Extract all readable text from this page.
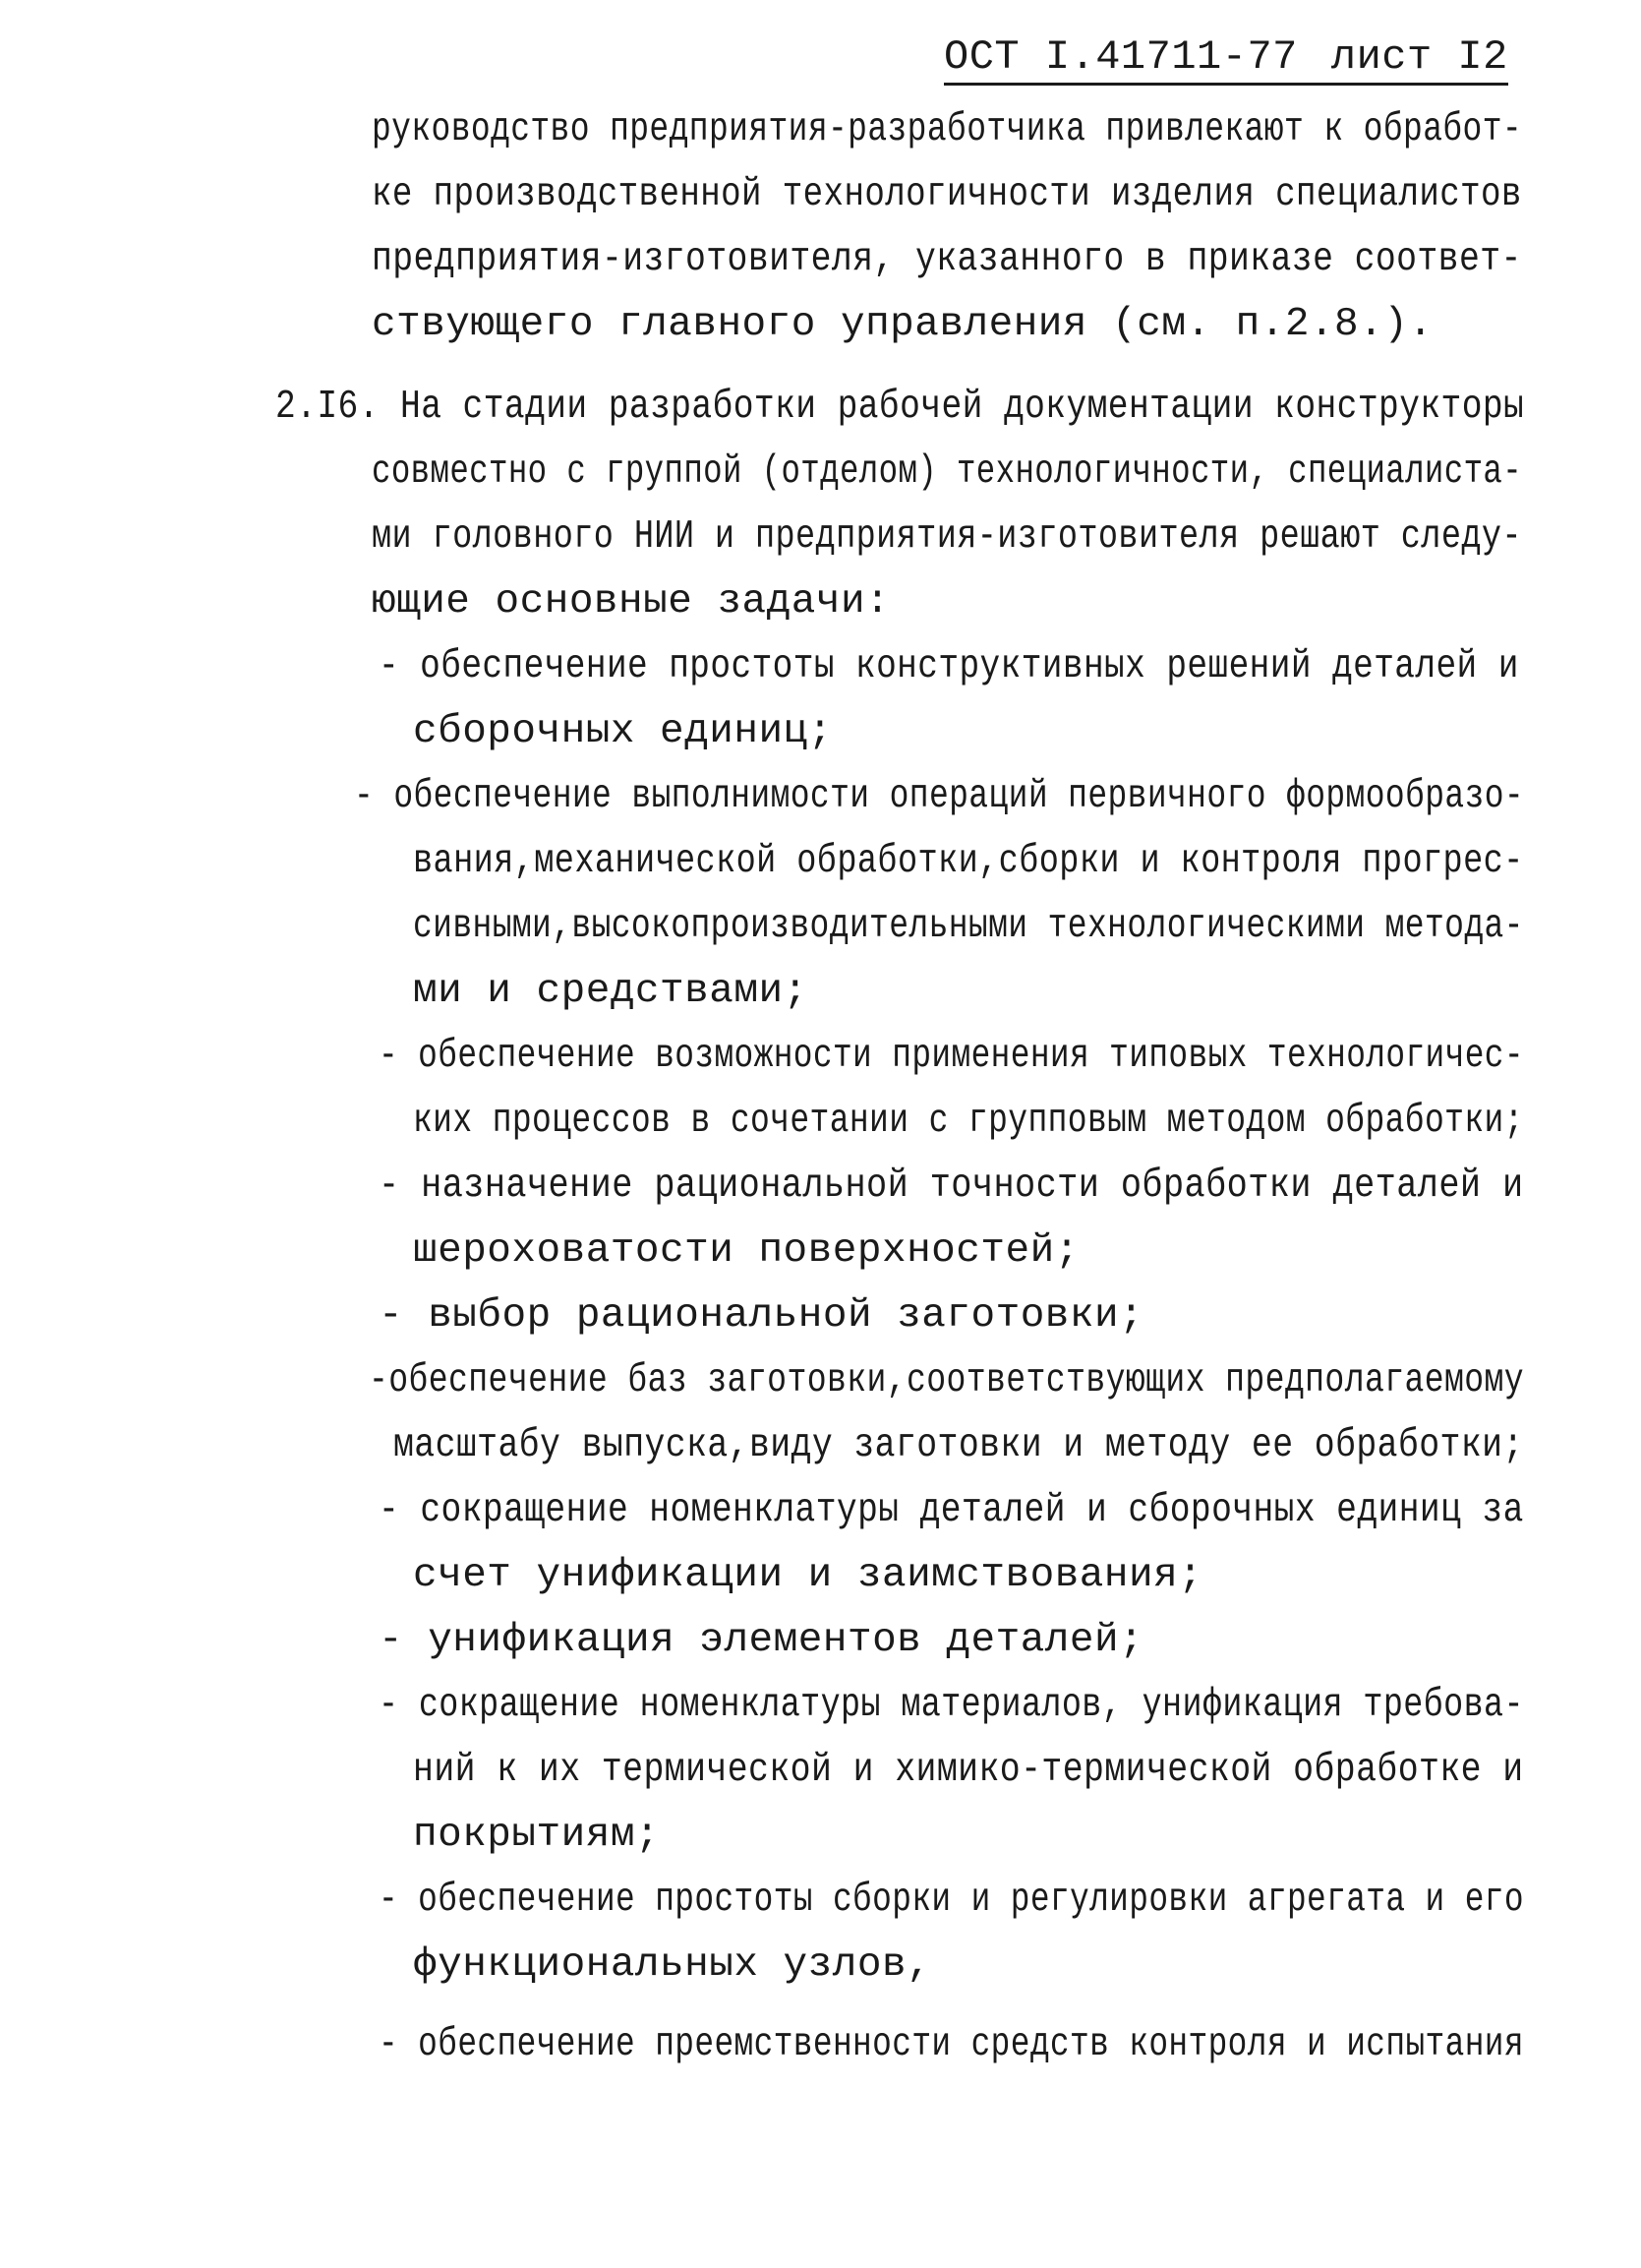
ОСТ I.41711-77 лист I2
руководство предприятия-разработчика привлекают к обработ-
ке производственной технологичности изделия специалистов
предприятия-изготовителя, указанного в приказе соответ-
ствующего главного управления (см. п.2.8.).
2.I6. На стадии разработки рабочей документации конструкторы
совместно с группой (отделом) технологичности, специалиста-
ми головного НИИ и предприятия-изготовителя решают следу-
ющие основные задачи:
- обеспечение простоты конструктивных решений деталей и
сборочных единиц;
- обеспечение выполнимости операций первичного формообразо-
вания,механической обработки,сборки и контроля прогрес-
сивными,высокопроизводительными технологическими метода-
ми и средствами;
- обеспечение возможности применения типовых технологичес-
ких процессов в сочетании с групповым методом обработки;
- назначение рациональной точности обработки деталей и
шероховатости поверхностей;
- выбор рациональной заготовки;
-обеспечение баз заготовки,соответствующих предполагаемому
масштабу выпуска,виду заготовки и методу ее обработки;
- сокращение номенклатуры деталей и сборочных единиц за
счет унификации и заимствования;
- унификация элементов деталей;
- сокращение номенклатуры материалов, унификация требова-
ний к их термической и химико-термической обработке и
покрытиям;
- обеспечение простоты сборки и регулировки агрегата и его
функциональных узлов,
- обеспечение преемственности средств контроля и испытания
